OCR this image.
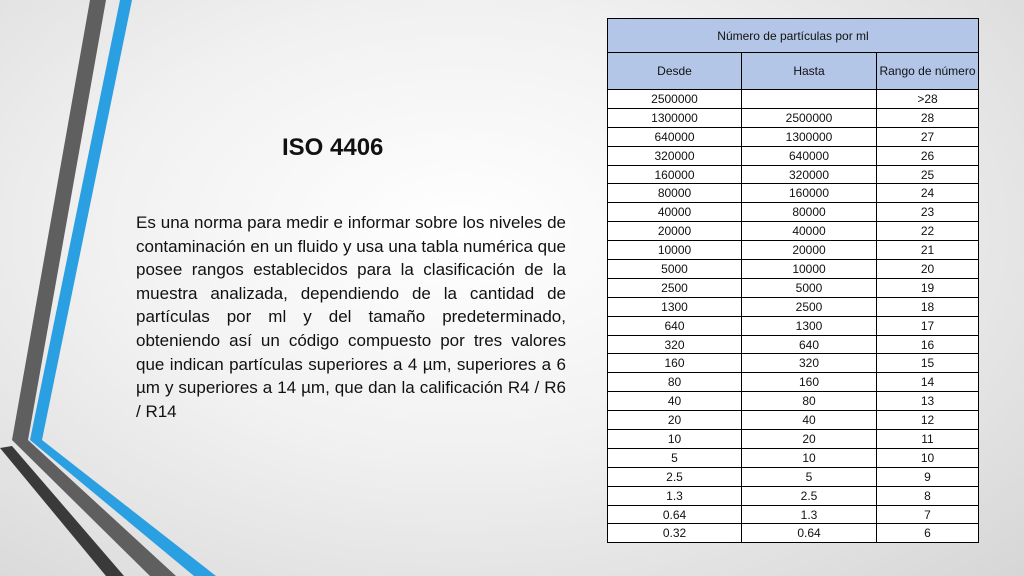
ISO 4406
Es una norma para medir e informar sobre los niveles de contaminación en un fluido y usa una tabla numérica que posee rangos establecidos para la clasificación de la muestra analizada, dependiendo de la cantidad de partículas por ml y del tamaño predeterminado, obteniendo así un código compuesto por tres valores que indican partículas superiores a 4 µm, superiores a 6 µm y superiores a 14 µm, que dan la calificación R4 / R6 / R14
Número de partículas por ml		
Desde	Hasta	Rango de número
2500000		>28
1300000	2500000	28
640000	1300000	27
320000	640000	26
160000	320000	25
80000	160000	24
40000	80000	23
20000	40000	22
10000	20000	21
5000	10000	20
2500	5000	19
1300	2500	18
640	1300	17
320	640	16
160	320	15
80	160	14
40	80	13
20	40	12
10	20	11
5	10	10
2.5	5	9
1.3	2.5	8
0.64	1.3	7
0.32	0.64	6
